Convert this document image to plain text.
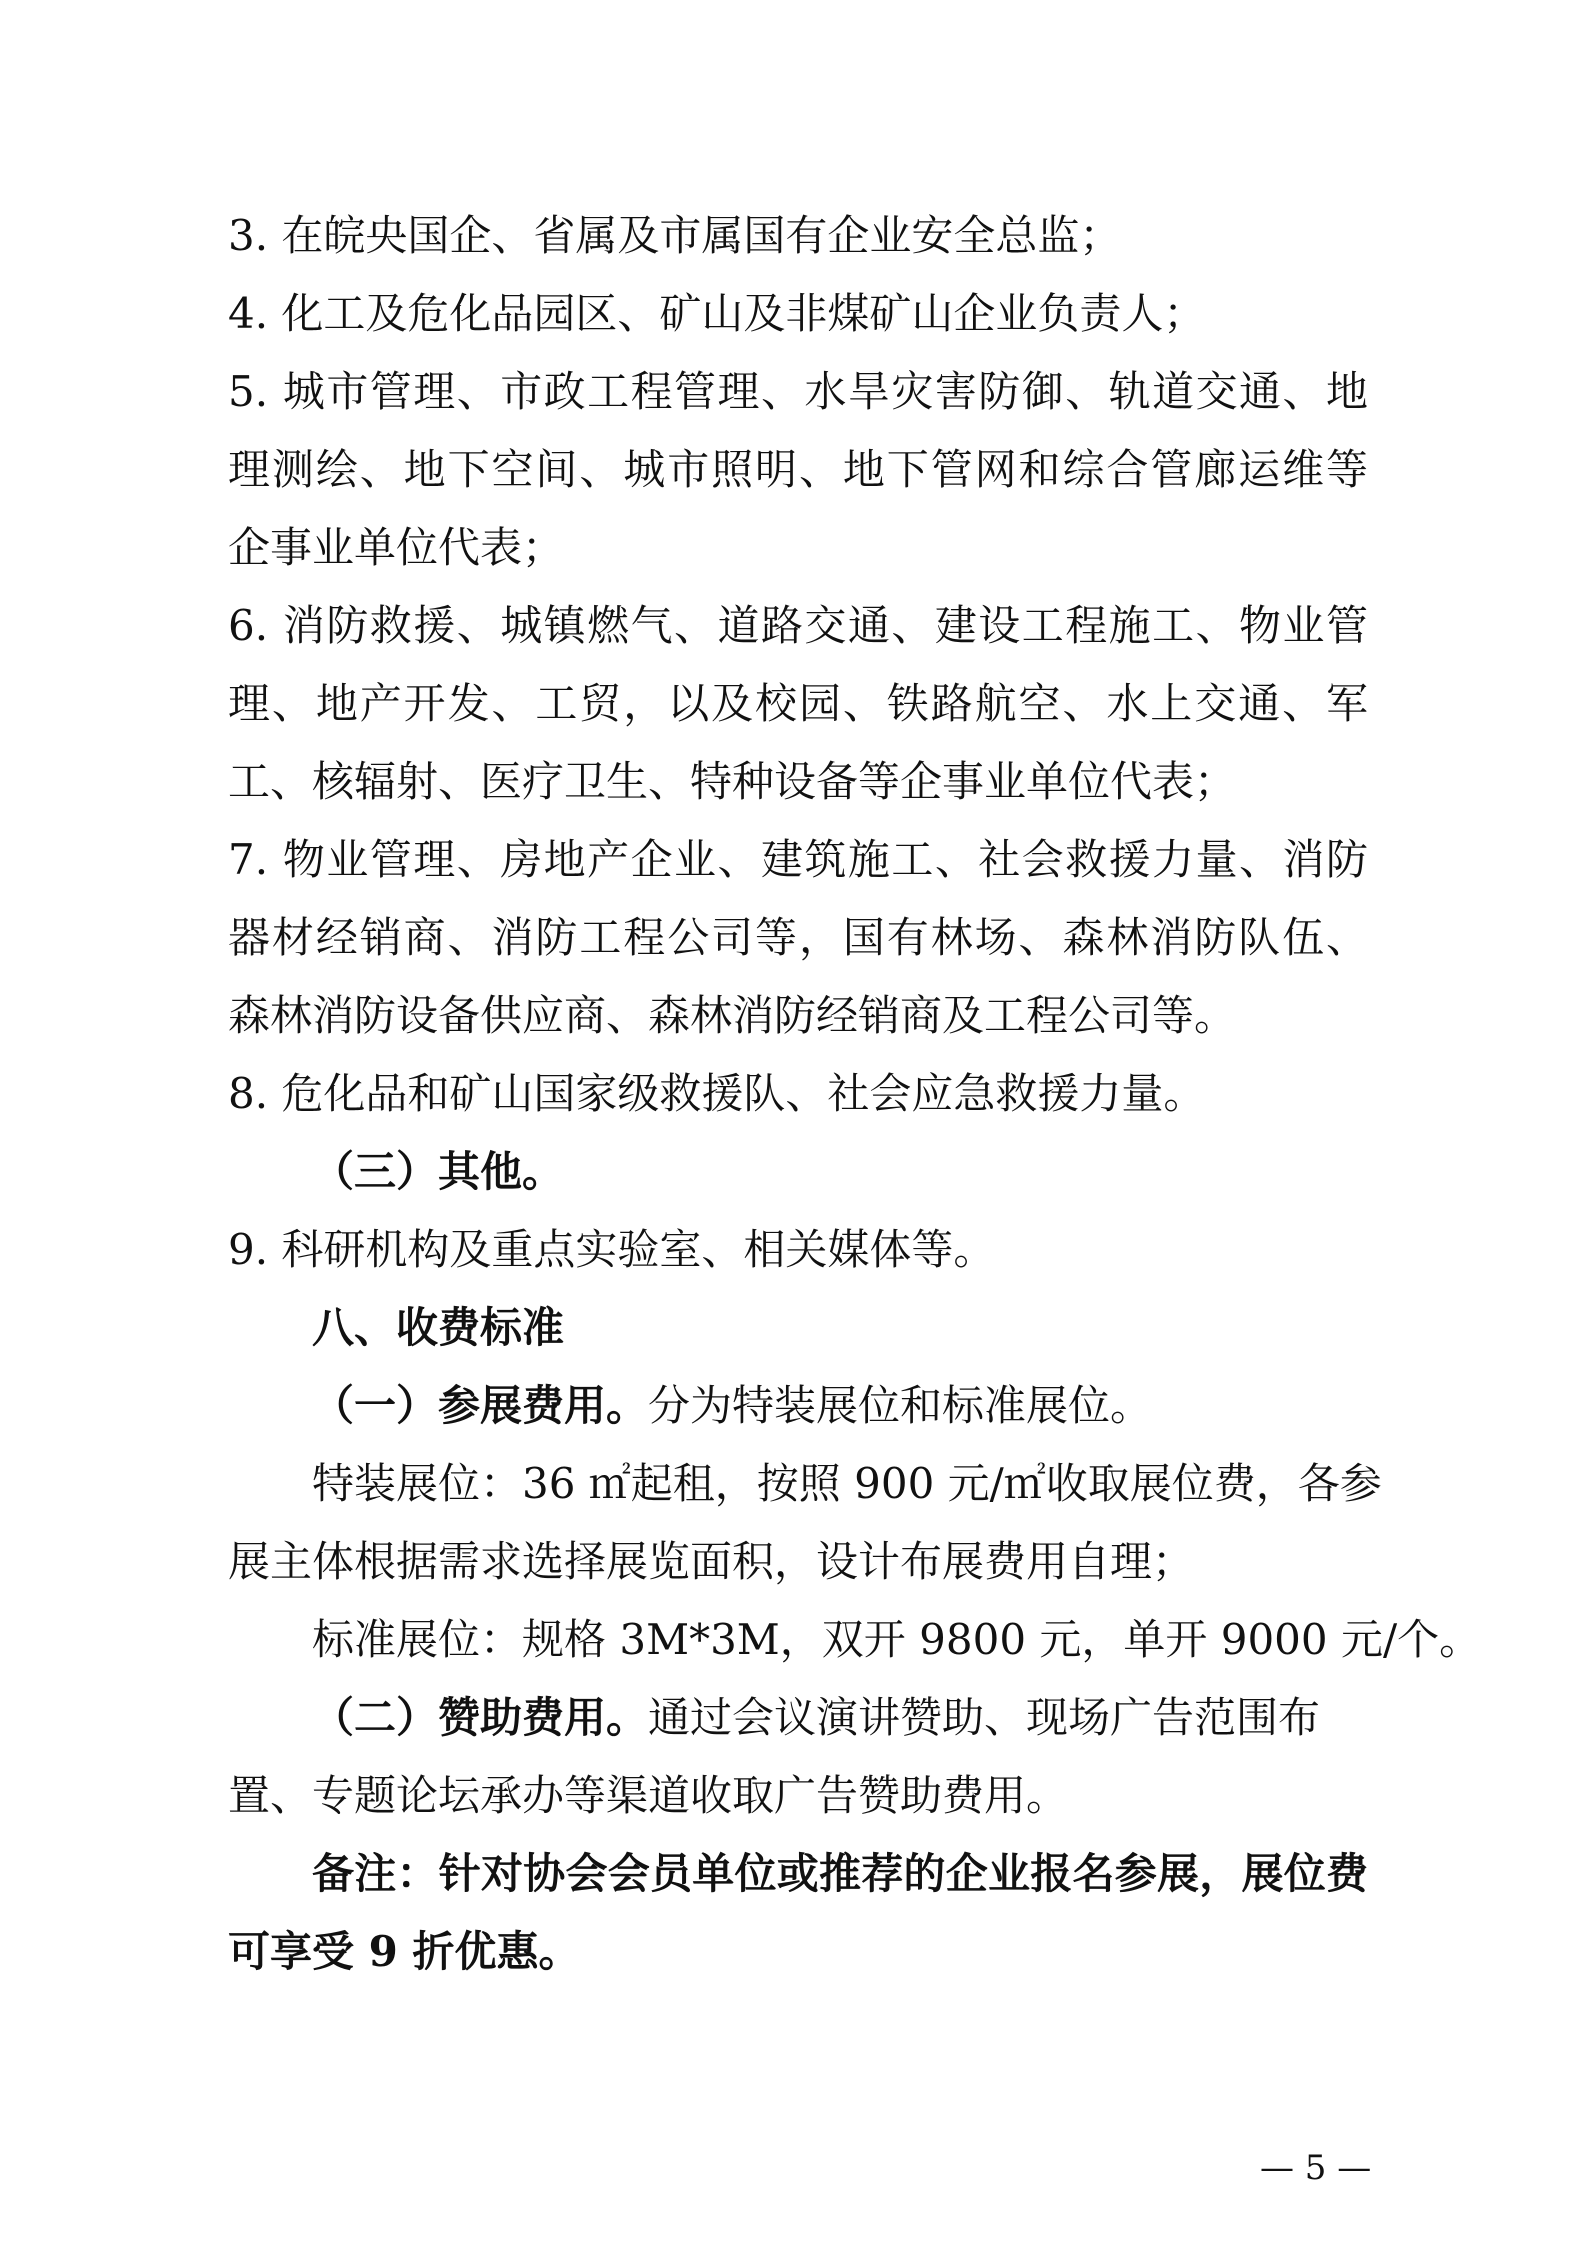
3. 在皖央国企、省属及市属国有企业安全总监；
4. 化工及危化品园区、矿山及非煤矿山企业负责人；
5. 城市管理、市政工程管理、水旱灾害防御、轨道交通、地
理测绘、地下空间、城市照明、地下管网和综合管廊运维等
企事业单位代表；
6. 消防救援、城镇燃气、道路交通、建设工程施工、物业管
理、地产开发、工贸，以及校园、铁路航空、水上交通、军
工、核辐射、医疗卫生、特种设备等企事业单位代表；
7. 物业管理、房地产企业、建筑施工、社会救援力量、消防
器材经销商、消防工程公司等，国有林场、森林消防队伍、
森林消防设备供应商、森林消防经销商及工程公司等。
8. 危化品和矿山国家级救援队、社会应急救援力量。
（三）其他。
9. 科研机构及重点实验室、相关媒体等。
八、收费标准
（一）参展费用。分为特装展位和标准展位。
特装展位：36 ㎡起租，按照 900 元/㎡收取展位费，各参
展主体根据需求选择展览面积，设计布展费用自理；
标准展位：规格 3M*3M，双开 9800 元，单开 9000 元/个。
（二）赞助费用。通过会议演讲赞助、现场广告范围布
置、专题论坛承办等渠道收取广告赞助费用。
备注：针对协会会员单位或推荐的企业报名参展，展位费
可享受 9 折优惠。
— 5 —
